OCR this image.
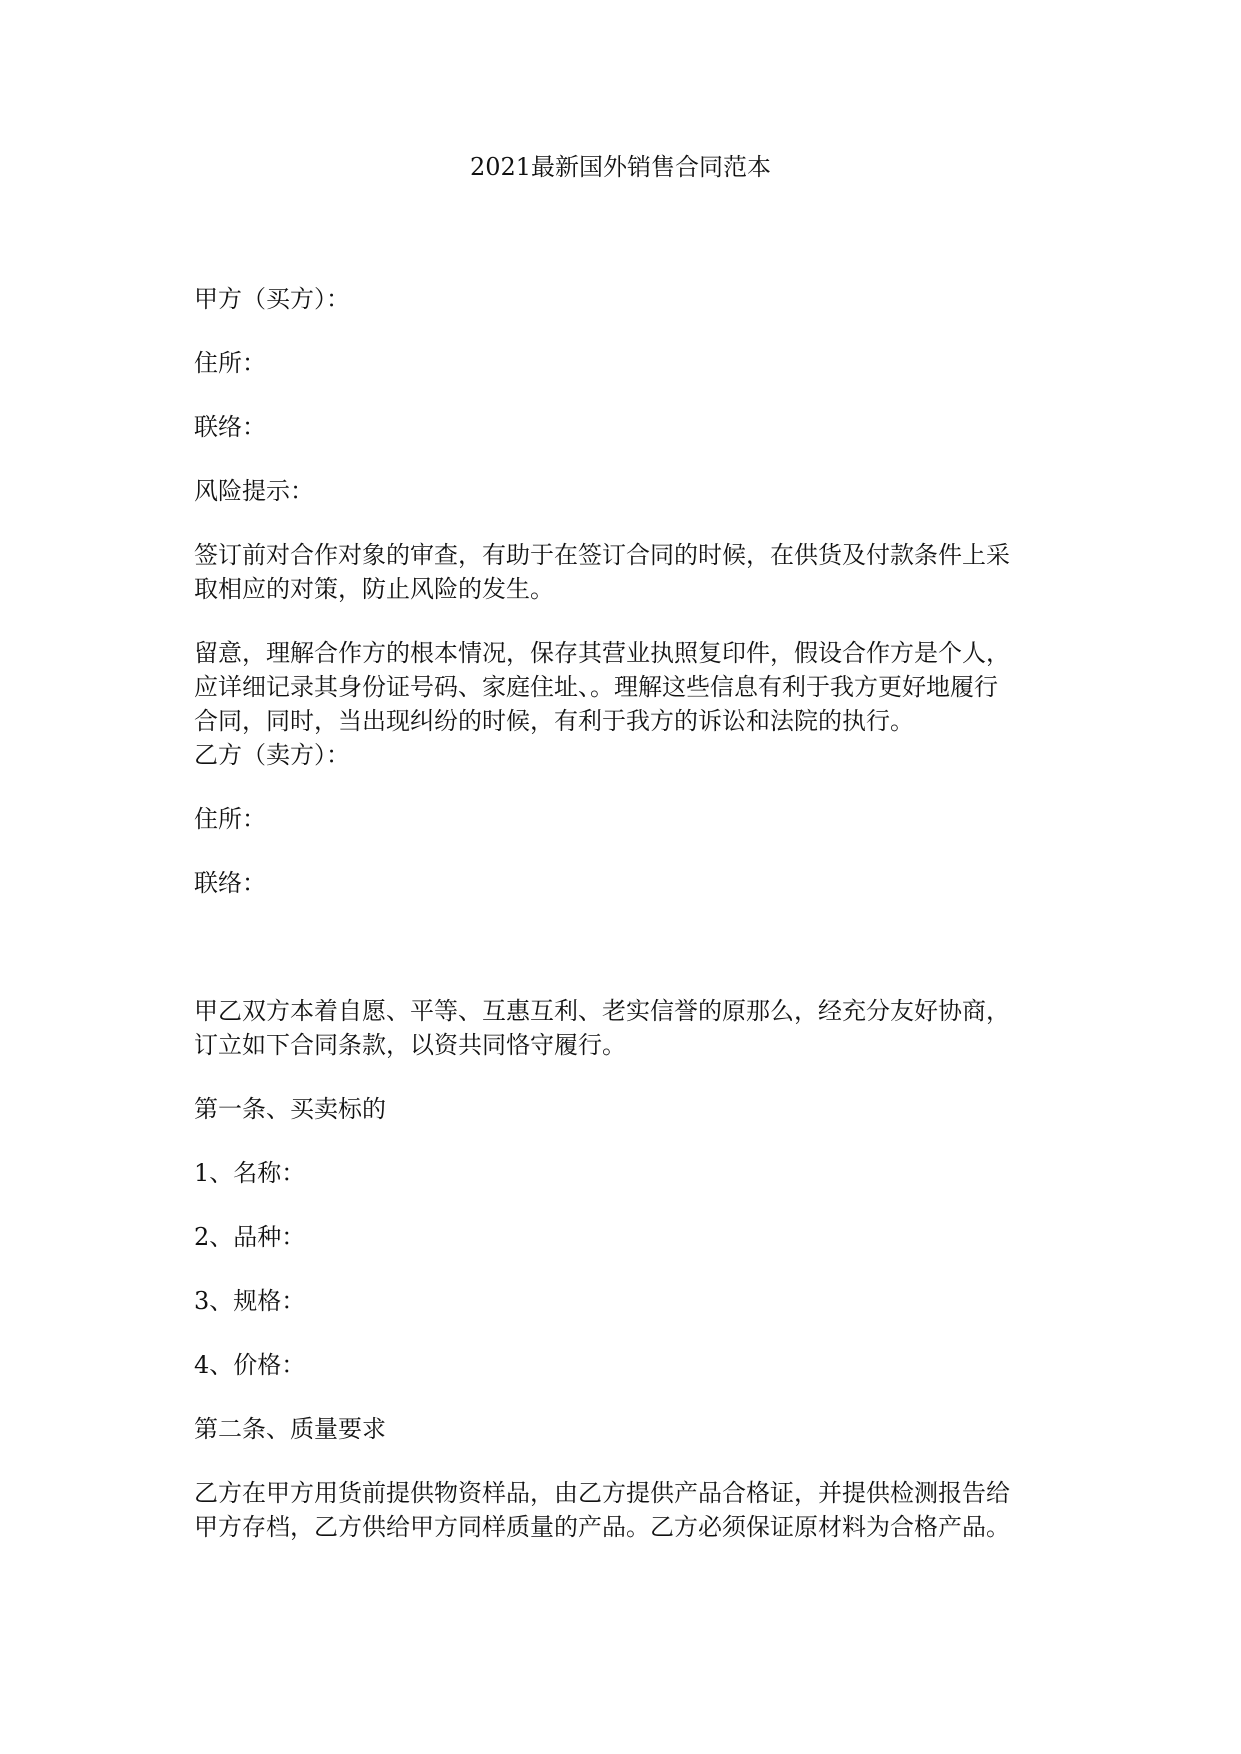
2021最新国外销售合同范本
甲方（买方）：
住所：
联络：
风险提示：
签订前对合作对象的审查，有助于在签订合同的时候，在供货及付款条件上采
取相应的对策，防止风险的发生。
留意，理解合作方的根本情况，保存其营业执照复印件，假设合作方是个人，
应详细记录其身份证号码、家庭住址、。理解这些信息有利于我方更好地履行
合同，同时，当出现纠纷的时候，有利于我方的诉讼和法院的执行。
乙方（卖方）：
住所：
联络：
甲乙双方本着自愿、平等、互惠互利、老实信誉的原那么，经充分友好协商，
订立如下合同条款，以资共同恪守履行。
第一条、买卖标的
1、名称：
2、品种：
3、规格：
4、价格：
第二条、质量要求
乙方在甲方用货前提供物资样品，由乙方提供产品合格证，并提供检测报告给
甲方存档，乙方供给甲方同样质量的产品。乙方必须保证原材料为合格产品。
